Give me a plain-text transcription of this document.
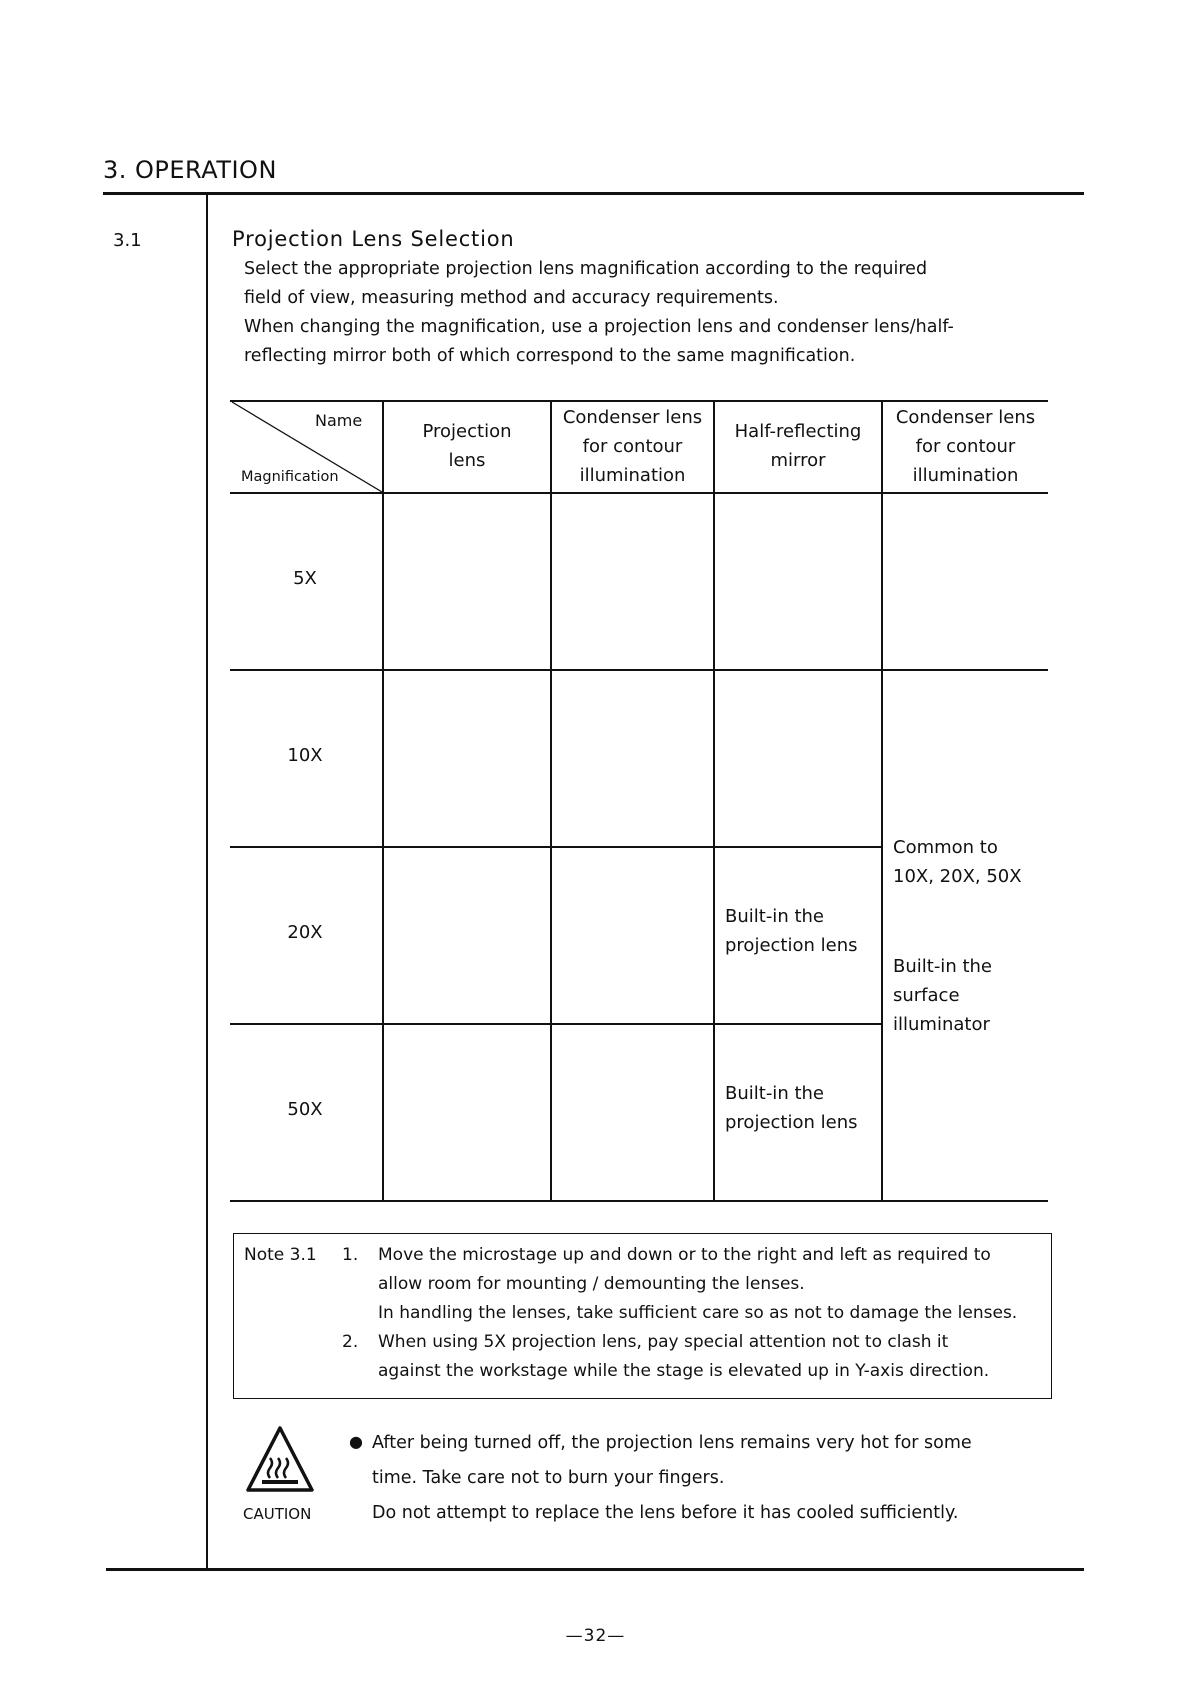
3. OPERATION
3.1	Projection Lens Selection
Select the appropriate projection lens magnification according to the required
field of view, measuring method and accuracy requirements.
When changing the magnification, use a projection lens and condenser lens/half-
reflecting mirror both of which correspond to the same magnification.
Name
Magnification
Projection
lens
Condenser lens
for contour
illumination
Half-reflecting
mirror
Condenser lens
for contour
illumination
5X
10X
20X
50X
Built-in the
projection lens
Built-in the
projection lens
Common to
10X, 20X, 50X
Built-in the
surface
illuminator
Note 3.1 1. Move the microstage up and down or to the right and left as required to
allow room for mounting / demounting the lenses.
In handling the lenses, take sufficient care so as not to damage the lenses.
2. When using 5X projection lens, pay special attention not to clash it
against the workstage while the stage is elevated up in Y-axis direction.
CAUTION
● After being turned off, the projection lens remains very hot for some
time. Take care not to burn your fingers.
Do not attempt to replace the lens before it has cooled sufficiently.
—32—
